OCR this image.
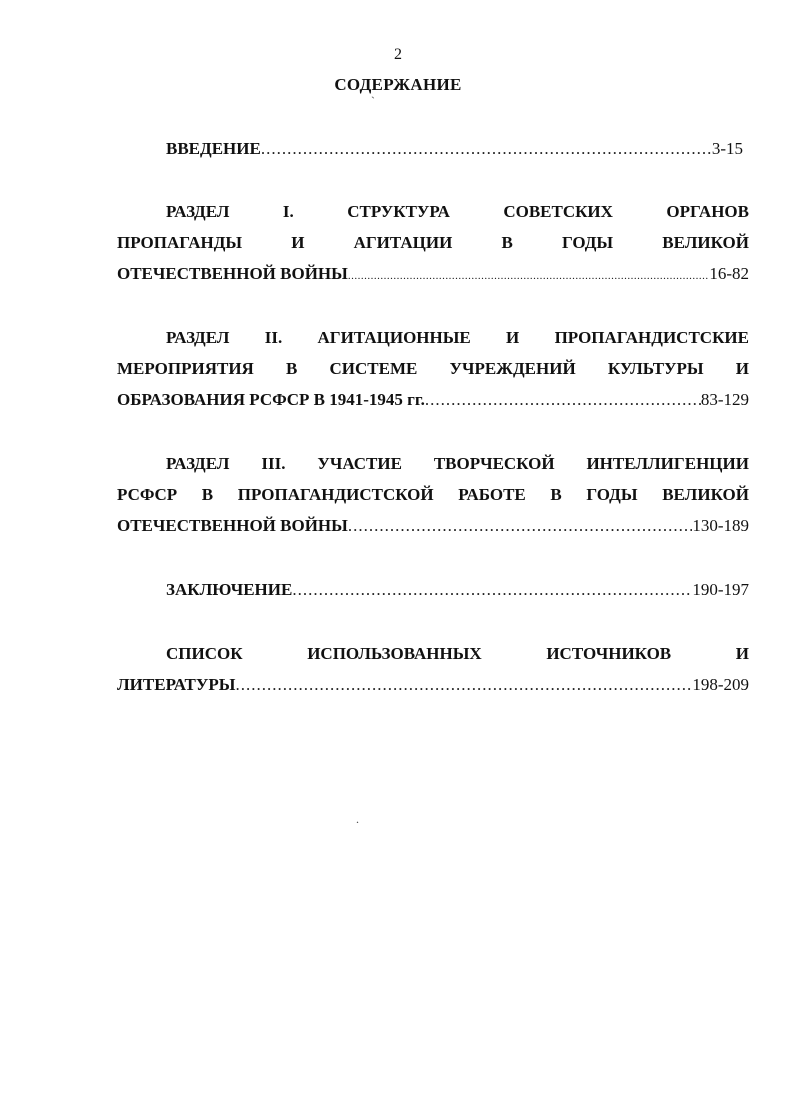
2
СОДЕРЖАНИЕ
`
.
ВВЕДЕНИЕ .....	3-15
РАЗДЕЛ	I.	СТРУКТУРА	СОВЕТСКИХ	ОРГАНОВ
ПРОПАГАНДЫ	И	АГИТАЦИИ	В	ГОДЫ	ВЕЛИКОЙ
ОТЕЧЕСТВЕННОЙ ВОЙНЫ .....	16-82
РАЗДЕЛ II. АГИТАЦИОННЫЕ И ПРОПАГАНДИСТСКИЕ
МЕРОПРИЯТИЯ В СИСТЕМЕ УЧРЕЖДЕНИЙ КУЛЬТУРЫ И
ОБРАЗОВАНИЯ РСФСР В 1941-1945 гг. .....	83-129
РАЗДЕЛ III. УЧАСТИЕ ТВОРЧЕСКОЙ ИНТЕЛЛИГЕНЦИИ
РСФСР В ПРОПАГАНДИСТСКОЙ РАБОТЕ В ГОДЫ ВЕЛИКОЙ
ОТЕЧЕСТВЕННОЙ ВОЙНЫ .....	130-189
ЗАКЛЮЧЕНИЕ .....	190-197
СПИСОК	ИСПОЛЬЗОВАННЫХ	ИСТОЧНИКОВ	И
ЛИТЕРАТУРЫ .....	198-209
